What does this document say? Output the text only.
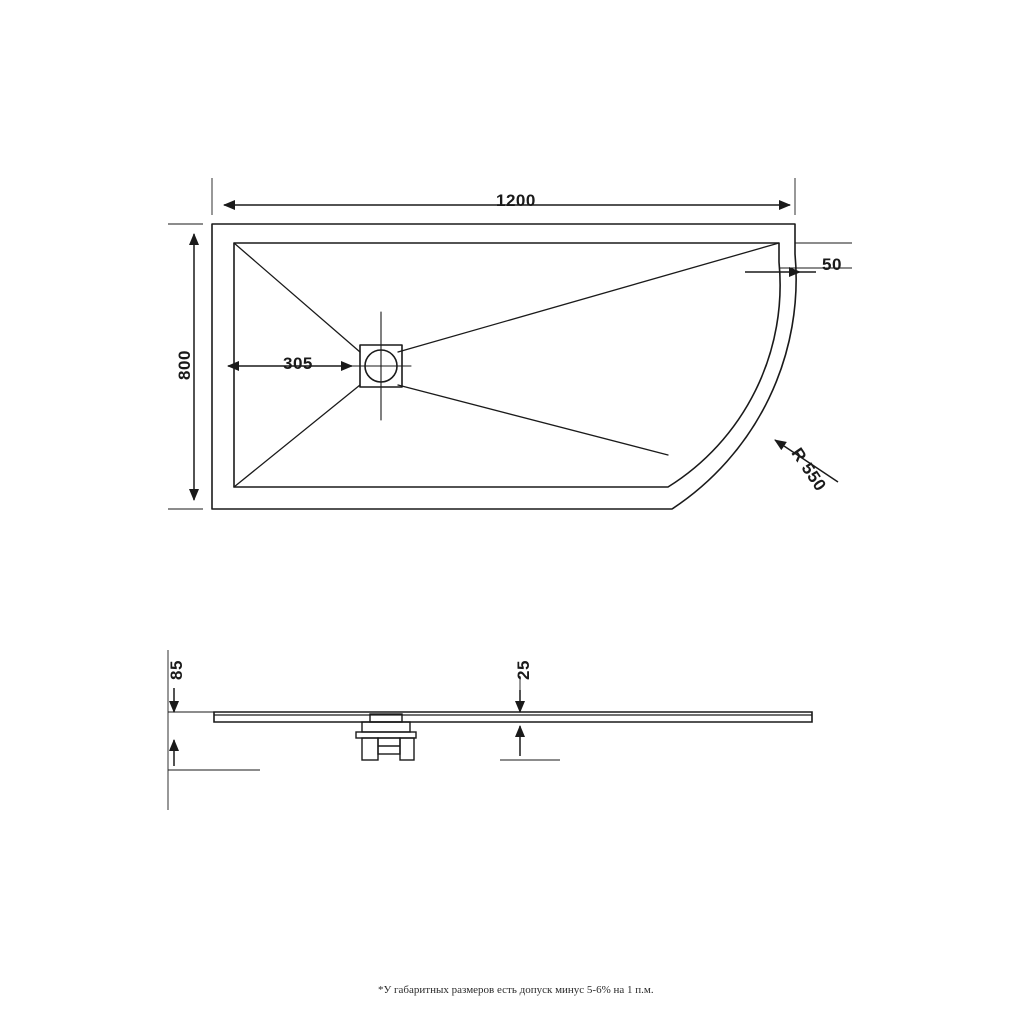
1200
800	305
50
R 550
85	25
*У габаритных размеров есть допуск минус 5-6% на 1 п.м.
